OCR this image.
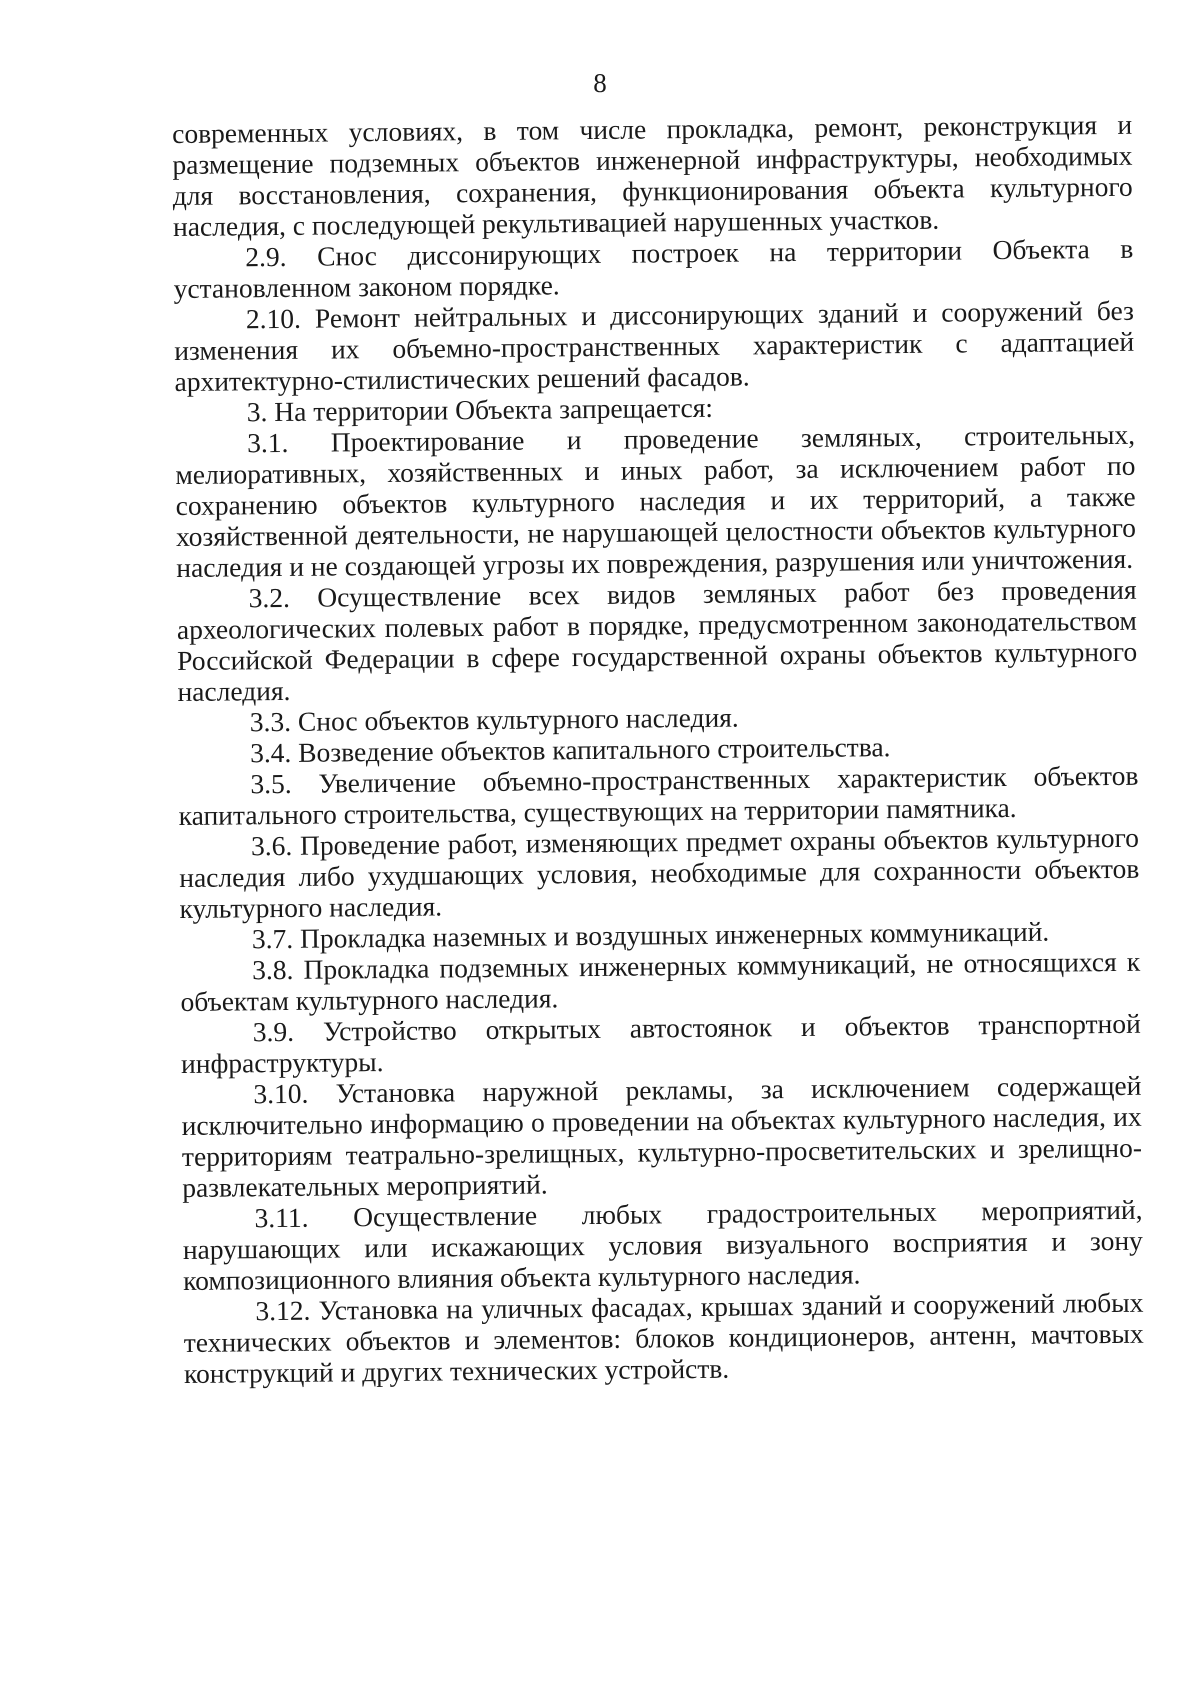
8

современных условиях, в том числе прокладка, ремонт, реконструкция и размещение подземных объектов инженерной инфраструктуры, необходимых для восстановления, сохранения, функционирования объекта культурного наследия, с последующей рекультивацией нарушенных участков.

2.9. Снос диссонирующих построек на территории Объекта в установленном законом порядке.

2.10. Ремонт нейтральных и диссонирующих зданий и сооружений без изменения их объемно-пространственных характеристик с адаптацией архитектурно-стилистических решений фасадов.

3. На территории Объекта запрещается:

3.1. Проектирование и проведение земляных, строительных, мелиоративных, хозяйственных и иных работ, за исключением работ по сохранению объектов культурного наследия и их территорий, а также хозяйственной деятельности, не нарушающей целостности объектов культурного наследия и не создающей угрозы их повреждения, разрушения или уничтожения.

3.2. Осуществление всех видов земляных работ без проведения археологических полевых работ в порядке, предусмотренном законодательством Российской Федерации в сфере государственной охраны объектов культурного наследия.

3.3. Снос объектов культурного наследия.

3.4. Возведение объектов капитального строительства.

3.5. Увеличение объемно-пространственных характеристик объектов капитального строительства, существующих на территории памятника.

3.6. Проведение работ, изменяющих предмет охраны объектов культурного наследия либо ухудшающих условия, необходимые для сохранности объектов культурного наследия.

3.7. Прокладка наземных и воздушных инженерных коммуникаций.

3.8. Прокладка подземных инженерных коммуникаций, не относящихся к объектам культурного наследия.

3.9. Устройство открытых автостоянок и объектов транспортной инфраструктуры.

3.10. Установка наружной рекламы, за исключением содержащей исключительно информацию о проведении на объектах культурного наследия, их территориям театрально-зрелищных, культурно-просветительских и зрелищно-развлекательных мероприятий.

3.11. Осуществление любых градостроительных мероприятий, нарушающих или искажающих условия визуального восприятия и зону композиционного влияния объекта культурного наследия.

3.12. Установка на уличных фасадах, крышах зданий и сооружений любых технических объектов и элементов: блоков кондиционеров, антенн, мачтовых конструкций и других технических устройств.
